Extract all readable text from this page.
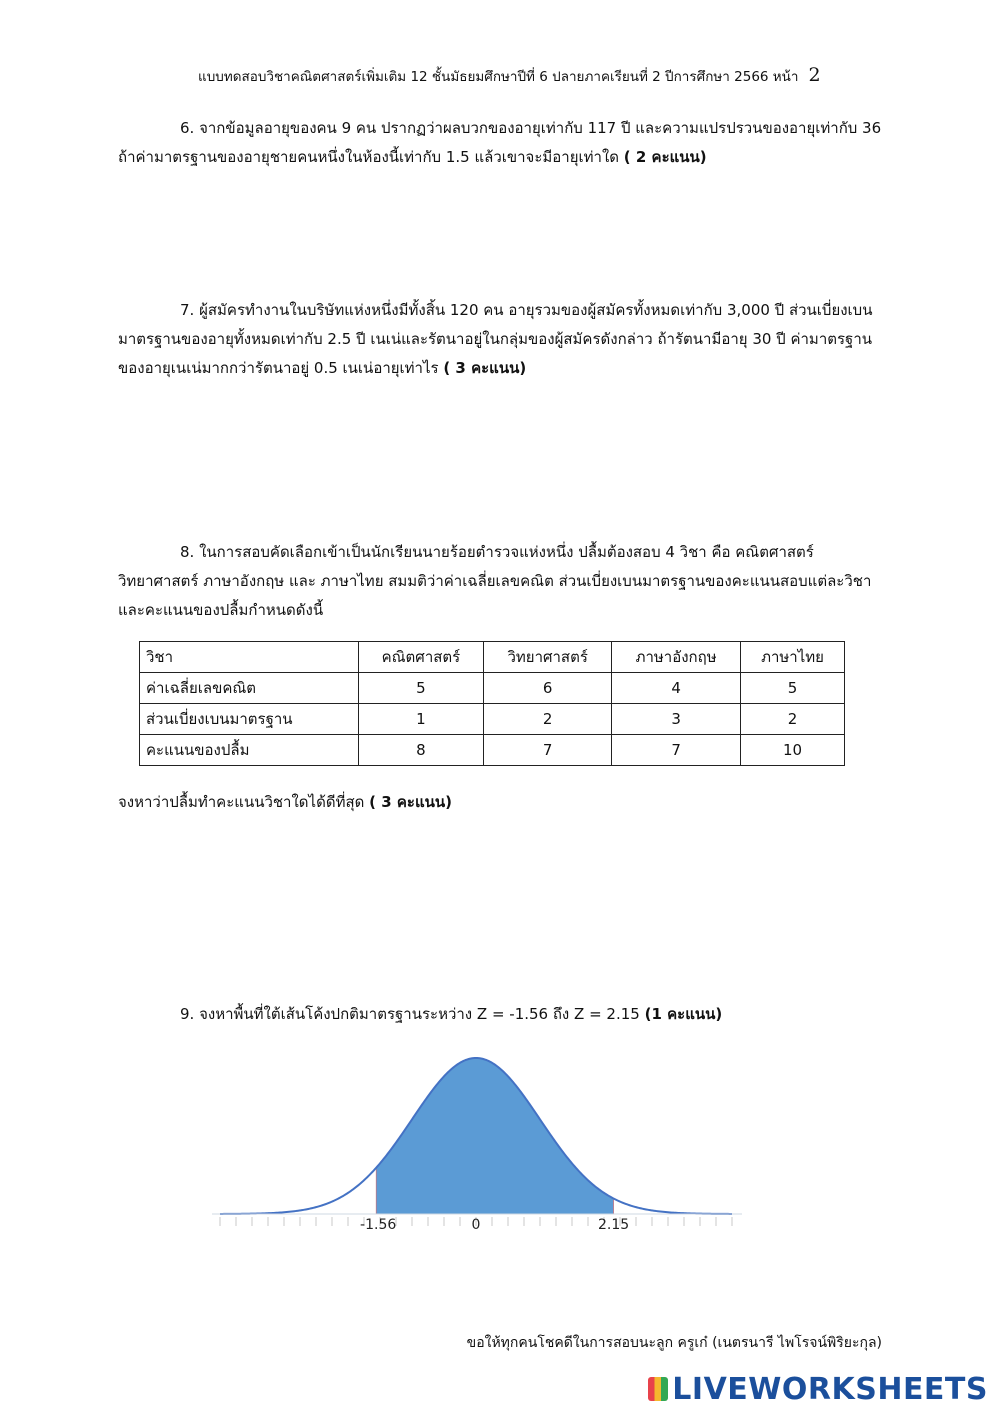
แบบทดสอบวิชาคณิตศาสตร์เพิ่มเติม 12 ชั้นมัธยมศึกษาปีที่ 6 ปลายภาคเรียนที่ 2 ปีการศึกษา 2566 หน้า 2
6. จากข้อมูลอายุของคน 9 คน ปรากฏว่าผลบวกของอายุเท่ากับ 117 ปี และความแปรปรวนของอายุเท่ากับ 36 ถ้าค่ามาตรฐานของอายุชายคนหนึ่งในห้องนี้เท่ากับ 1.5 แล้วเขาจะมีอายุเท่าใด ( 2 คะแนน)
7. ผู้สมัครทำงานในบริษัทแห่งหนึ่งมีทั้งสิ้น 120 คน อายุรวมของผู้สมัครทั้งหมดเท่ากับ 3,000 ปี ส่วนเบี่ยงเบนมาตรฐานของอายุทั้งหมดเท่ากับ 2.5 ปี เนเน่และรัตนาอยู่ในกลุ่มของผู้สมัครดังกล่าว ถ้ารัตนามีอายุ 30 ปี ค่ามาตรฐานของอายุเนเน่มากกว่ารัตนาอยู่ 0.5 เนเน่อายุเท่าไร ( 3 คะแนน)
8. ในการสอบคัดเลือกเข้าเป็นนักเรียนนายร้อยตำรวจแห่งหนึ่ง ปลื้มต้องสอบ 4 วิชา คือ คณิตศาสตร์ วิทยาศาสตร์ ภาษาอังกฤษ และ ภาษาไทย สมมติว่าค่าเฉลี่ยเลขคณิต ส่วนเบี่ยงเบนมาตรฐานของคะแนนสอบแต่ละวิชา และคะแนนของปลื้มกำหนดดังนี้
วิชา	คณิตศาสตร์	วิทยาศาสตร์	ภาษาอังกฤษ	ภาษาไทย
ค่าเฉลี่ยเลขคณิต	5	6	4	5
ส่วนเบี่ยงเบนมาตรฐาน	1	2	3	2
คะแนนของปลื้ม	8	7	7	10
จงหาว่าปลื้มทำคะแนนวิชาใดได้ดีที่สุด ( 3 คะแนน)
9. จงหาพื้นที่ใต้เส้นโค้งปกติมาตรฐานระหว่าง Z = -1.56 ถึง Z = 2.15 (1 คะแนน)
-1.56	0	2.15
ขอให้ทุกคนโชคดีในการสอบนะลูก ครูเก๋ (เนตรนารี ไพโรจน์พิริยะกุล)
LIVEWORKSHEETS
